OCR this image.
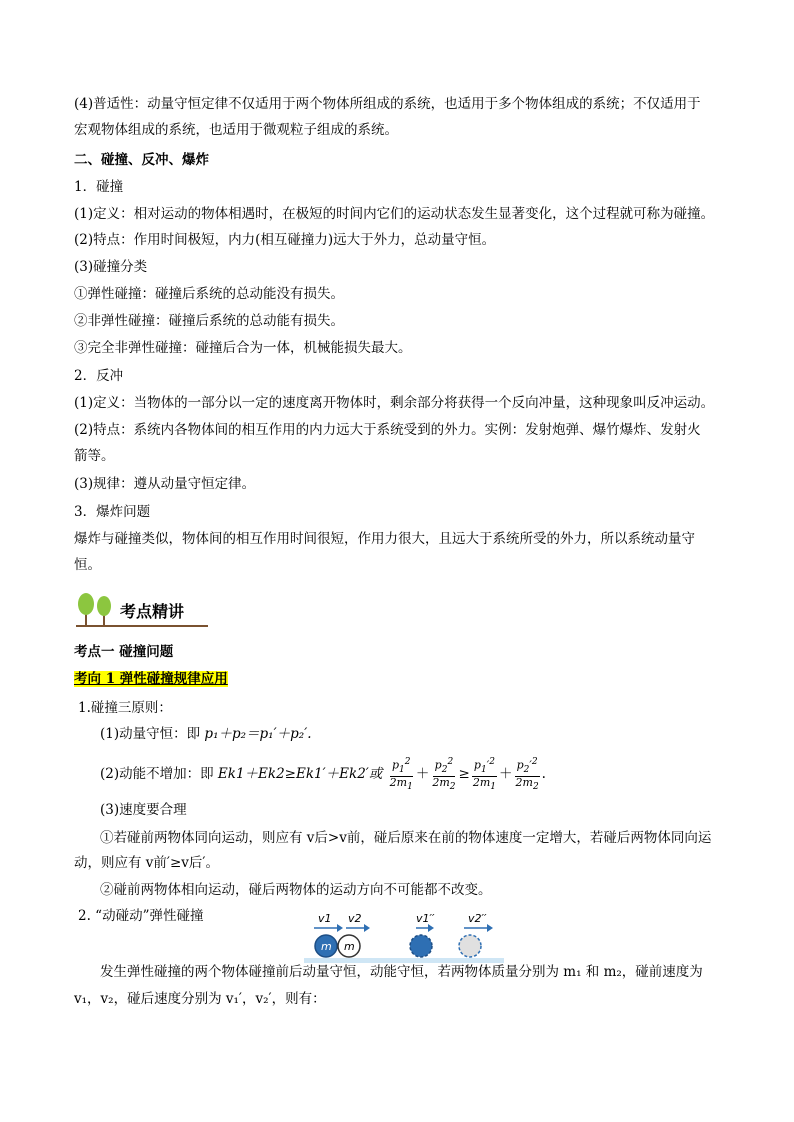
(4)普适性：动量守恒定律不仅适用于两个物体所组成的系统，也适用于多个物体组成的系统；不仅适用于
宏观物体组成的系统，也适用于微观粒子组成的系统。
二、碰撞、反冲、爆炸
1．碰撞
(1)定义：相对运动的物体相遇时，在极短的时间内它们的运动状态发生显著变化，这个过程就可称为碰撞。
(2)特点：作用时间极短，内力(相互碰撞力)远大于外力，总动量守恒。
(3)碰撞分类
①弹性碰撞：碰撞后系统的总动能没有损失。
②非弹性碰撞：碰撞后系统的总动能有损失。
③完全非弹性碰撞：碰撞后合为一体，机械能损失最大。
2．反冲
(1)定义：当物体的一部分以一定的速度离开物体时，剩余部分将获得一个反向冲量，这种现象叫反冲运动。
(2)特点：系统内各物体间的相互作用的内力远大于系统受到的外力。实例：发射炮弹、爆竹爆炸、发射火
箭等。
(3)规律：遵从动量守恒定律。
3．爆炸问题
爆炸与碰撞类似，物体间的相互作用时间很短，作用力很大，且远大于系统所受的外力，所以系统动量守
恒。
考点精讲
考点一 碰撞问题
考向 1 弹性碰撞规律应用
1.碰撞三原则：
(1)动量守恒：即 p₁＋p₂＝p₁′＋p₂′.
(2)动能不增加：即 Ek1＋Ek2≥Ek1′＋Ek2′或 $\frac{p_1^2}{2m_1} + \frac{p_2^2}{2m_2} \ge \frac{p_1'^2}{2m_1} + \frac{p_2'^2}{2m_2}$ .
(3)速度要合理
①若碰前两物体同向运动，则应有 v后>v前，碰后原来在前的物体速度一定增大，若碰后两物体同向运
动，则应有 v前′≥v后′。
②碰前两物体相向运动，碰后两物体的运动方向不可能都不改变。
2. “动碰动”弹性碰撞	v1 v2
m m
v1′′	v2′′
发生弹性碰撞的两个物体碰撞前后动量守恒，动能守恒，若两物体质量分别为 m₁ 和 m₂，碰前速度为
v₁，v₂，碰后速度分别为 v₁′，v₂′，则有：
